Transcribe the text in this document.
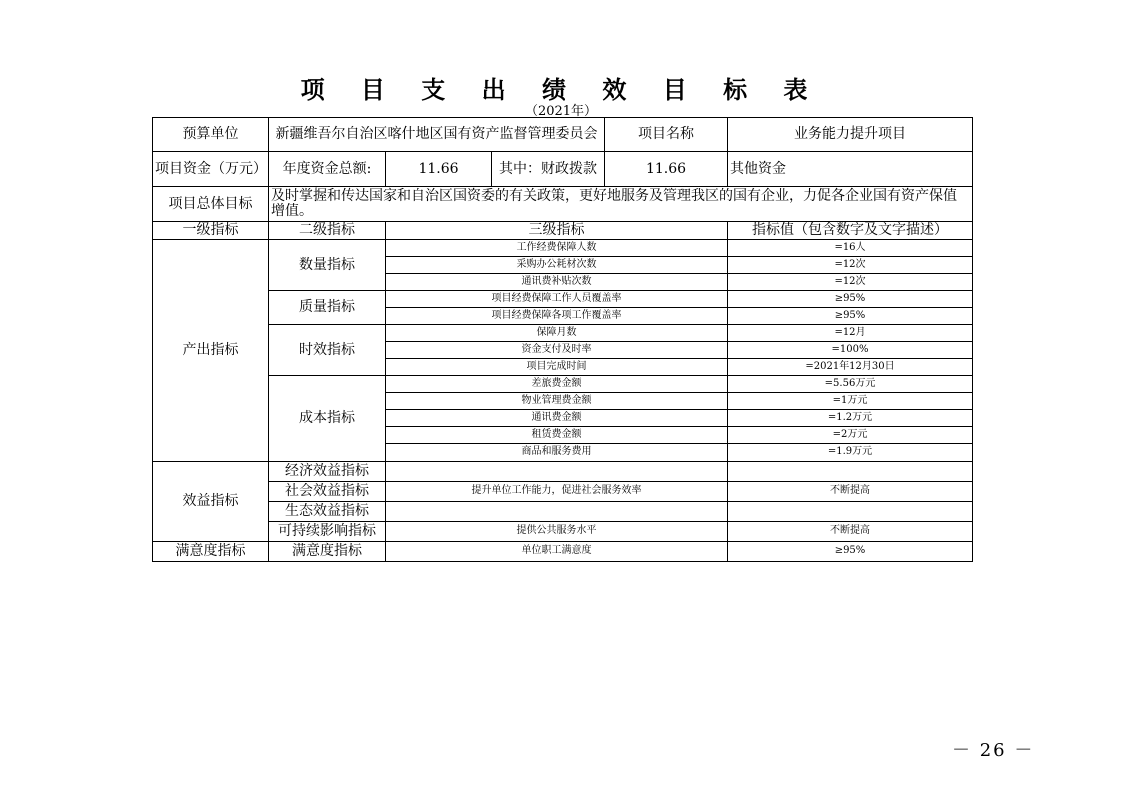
项 目 支 出 绩 效 目 标 表
（2021年）
预算单位	新疆维吾尔自治区喀什地区国有资产监督管理委员会			项目名称	业务能力提升项目
项目资金（万元）	年度资金总额:	11.66	其中：财政拨款	11.66	其他资金
项目总体目标	及时掌握和传达国家和自治区国资委的有关政策，更好地服务及管理我区的国有企业，力促各企业国有资产保值增值。				
一级指标	二级指标	三级指标			指标值（包含数字及文字描述）
产出指标	数量指标	工作经费保障人数			=16人
		采购办公耗材次数			=12次
		通讯费补贴次数			=12次
	质量指标	项目经费保障工作人员覆盖率			≥95%
		项目经费保障各项工作覆盖率			≥95%
	时效指标	保障月数			=12月
		资金支付及时率			=100%
		项目完成时间			=2021年12月30日
	成本指标	差旅费金额			=5.56万元
		物业管理费金额			=1万元
		通讯费金额			=1.2万元
		租赁费金额			=2万元
		商品和服务费用			=1.9万元
效益指标	经济效益指标				
	社会效益指标	提升单位工作能力，促进社会服务效率			不断提高
	生态效益指标				
	可持续影响指标	提供公共服务水平			不断提高
满意度指标	满意度指标	单位职工满意度			≥95%
－ 26 －
